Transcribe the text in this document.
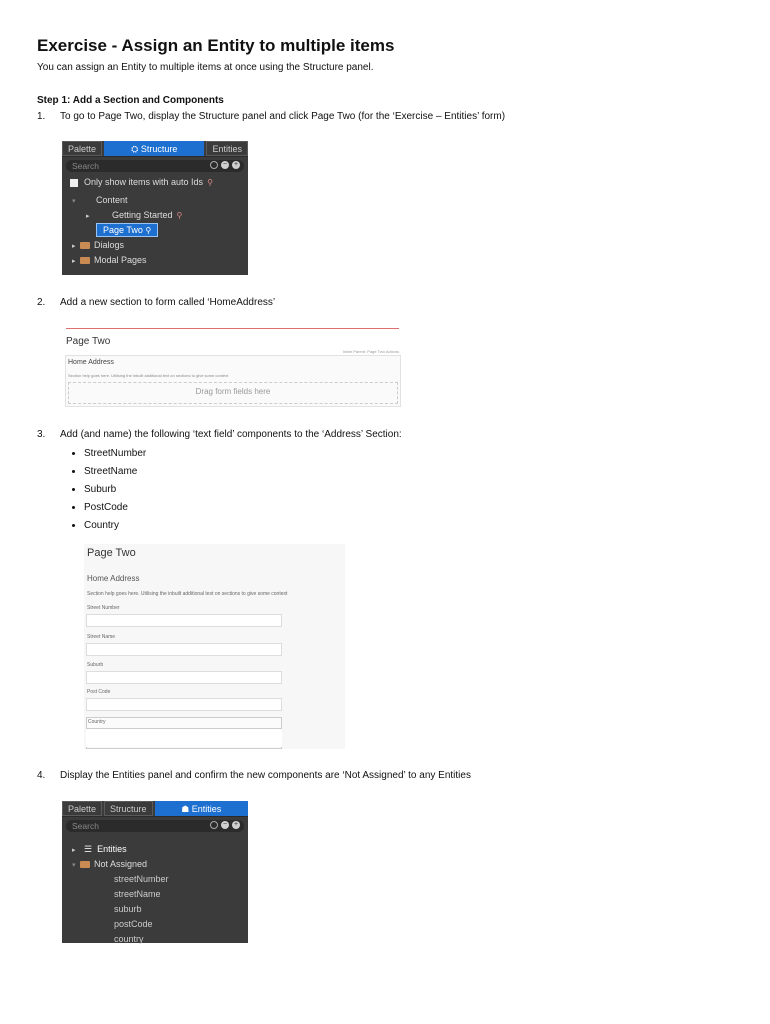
Exercise - Assign an Entity to multiple items
You can assign an Entity to multiple items at once using the Structure panel.
Step 1: Add a Section and Components
1. To go to Page Two, display the Structure panel and click Page Two (for the ‘Exercise – Entities’ form)
Palette	⛭ Structure	Entities
Search	− +
Only show items with auto Ids ⚲
▾ Content
▸ Getting Started ⚲
Page Two ⚲
▸ Dialogs
▸ Modal Pages
2. Add a new section to form called ‘HomeAddress’
Page Two
Inline Parent: Page Two Actions
Home Address
Section help goes here. Utilising the inbuilt additional text on sections to give some context
Drag form fields here
3. Add (and name) the following ‘text field’ components to the ‘Address’ Section:
• StreetNumber
• StreetName
• Suburb
• PostCode
• Country
Page Two
Home Address
Section help goes here. Utilising the inbuilt additional text on sections to give some context
Street Number
Street Name
Suburb
Post Code
Country
4. Display the Entities panel and confirm the new components are ‘Not Assigned’ to any Entities
Palette	Structure	☗ Entities
Search	− +
▸ ☰ Entities
▾ Not Assigned
streetNumber
streetName
suburb
postCode
country
